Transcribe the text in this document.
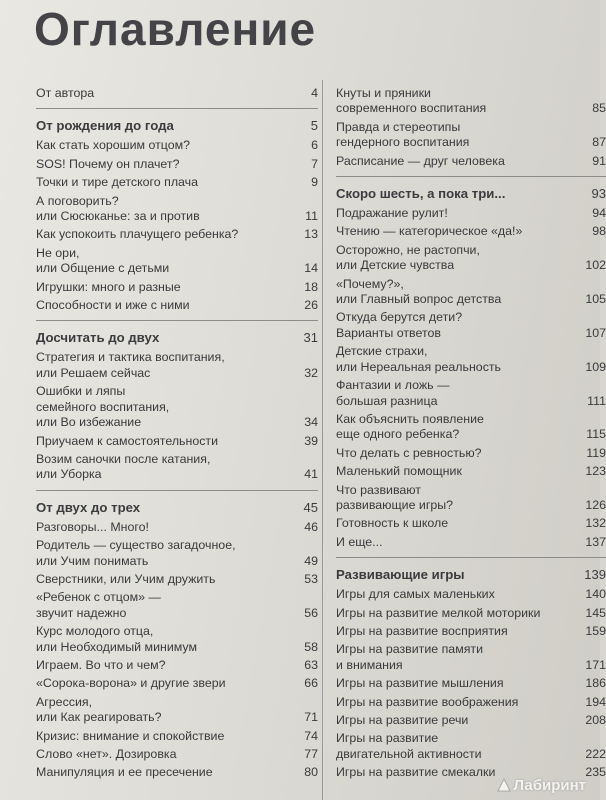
Оглавление
От автора	4
От рождения до года	5
Как стать хорошим отцом?	6
SOS! Почему он плачет?	7
Точки и тире детского плача	9
А поговорить?
или Сюсюканье: за и против	11
Как успокоить плачущего ребенка?	13
Не ори,
или Общение с детьми	14
Игрушки: много и разные	18
Способности и иже с ними	26
Досчитать до двух	31
Стратегия и тактика воспитания,
или Решаем сейчас	32
Ошибки и ляпы
семейного воспитания,
или Во избежание	34
Приучаем к самостоятельности	39
Возим саночки после катания,
или Уборка	41
От двух до трех	45
Разговоры... Много!	46
Родитель — существо загадочное,
или Учим понимать	49
Сверстники, или Учим дружить	53
«Ребенок с отцом» —
звучит надежно	56
Курс молодого отца,
или Необходимый минимум	58
Играем. Во что и чем?	63
«Сорока-ворона» и другие звери	66
Агрессия,
или Как реагировать?	71
Кризис: внимание и спокойствие	74
Слово «нет». Дозировка	77
Манипуляция и ее пресечение	80
Кнуты и пряники
современного воспитания	85
Правда и стереотипы
гендерного воспитания	87
Расписание — друг человека	91
Скоро шесть, а пока три...	93
Подражание рулит!	94
Чтению — категорическое «да!»	98
Осторожно, не растопчи,
или Детские чувства	102
«Почему?»,
или Главный вопрос детства	105
Откуда берутся дети?
Варианты ответов	107
Детские страхи,
или Нереальная реальность	109
Фантазии и ложь —
большая разница	111
Как объяснить появление
еще одного ребенка?	115
Что делать с ревностью?	119
Маленький помощник	123
Что развивают
развивающие игры?	126
Готовность к школе	132
И еще...	137
Развивающие игры	139
Игры для самых маленьких	140
Игры на развитие мелкой моторики	145
Игры на развитие восприятия	159
Игры на развитие памяти
и внимания	171
Игры на развитие мышления	186
Игры на развитие воображения	194
Игры на развитие речи	208
Игры на развитие
двигательной активности	222
Игры на развитие смекалки	235
Лабиринт
